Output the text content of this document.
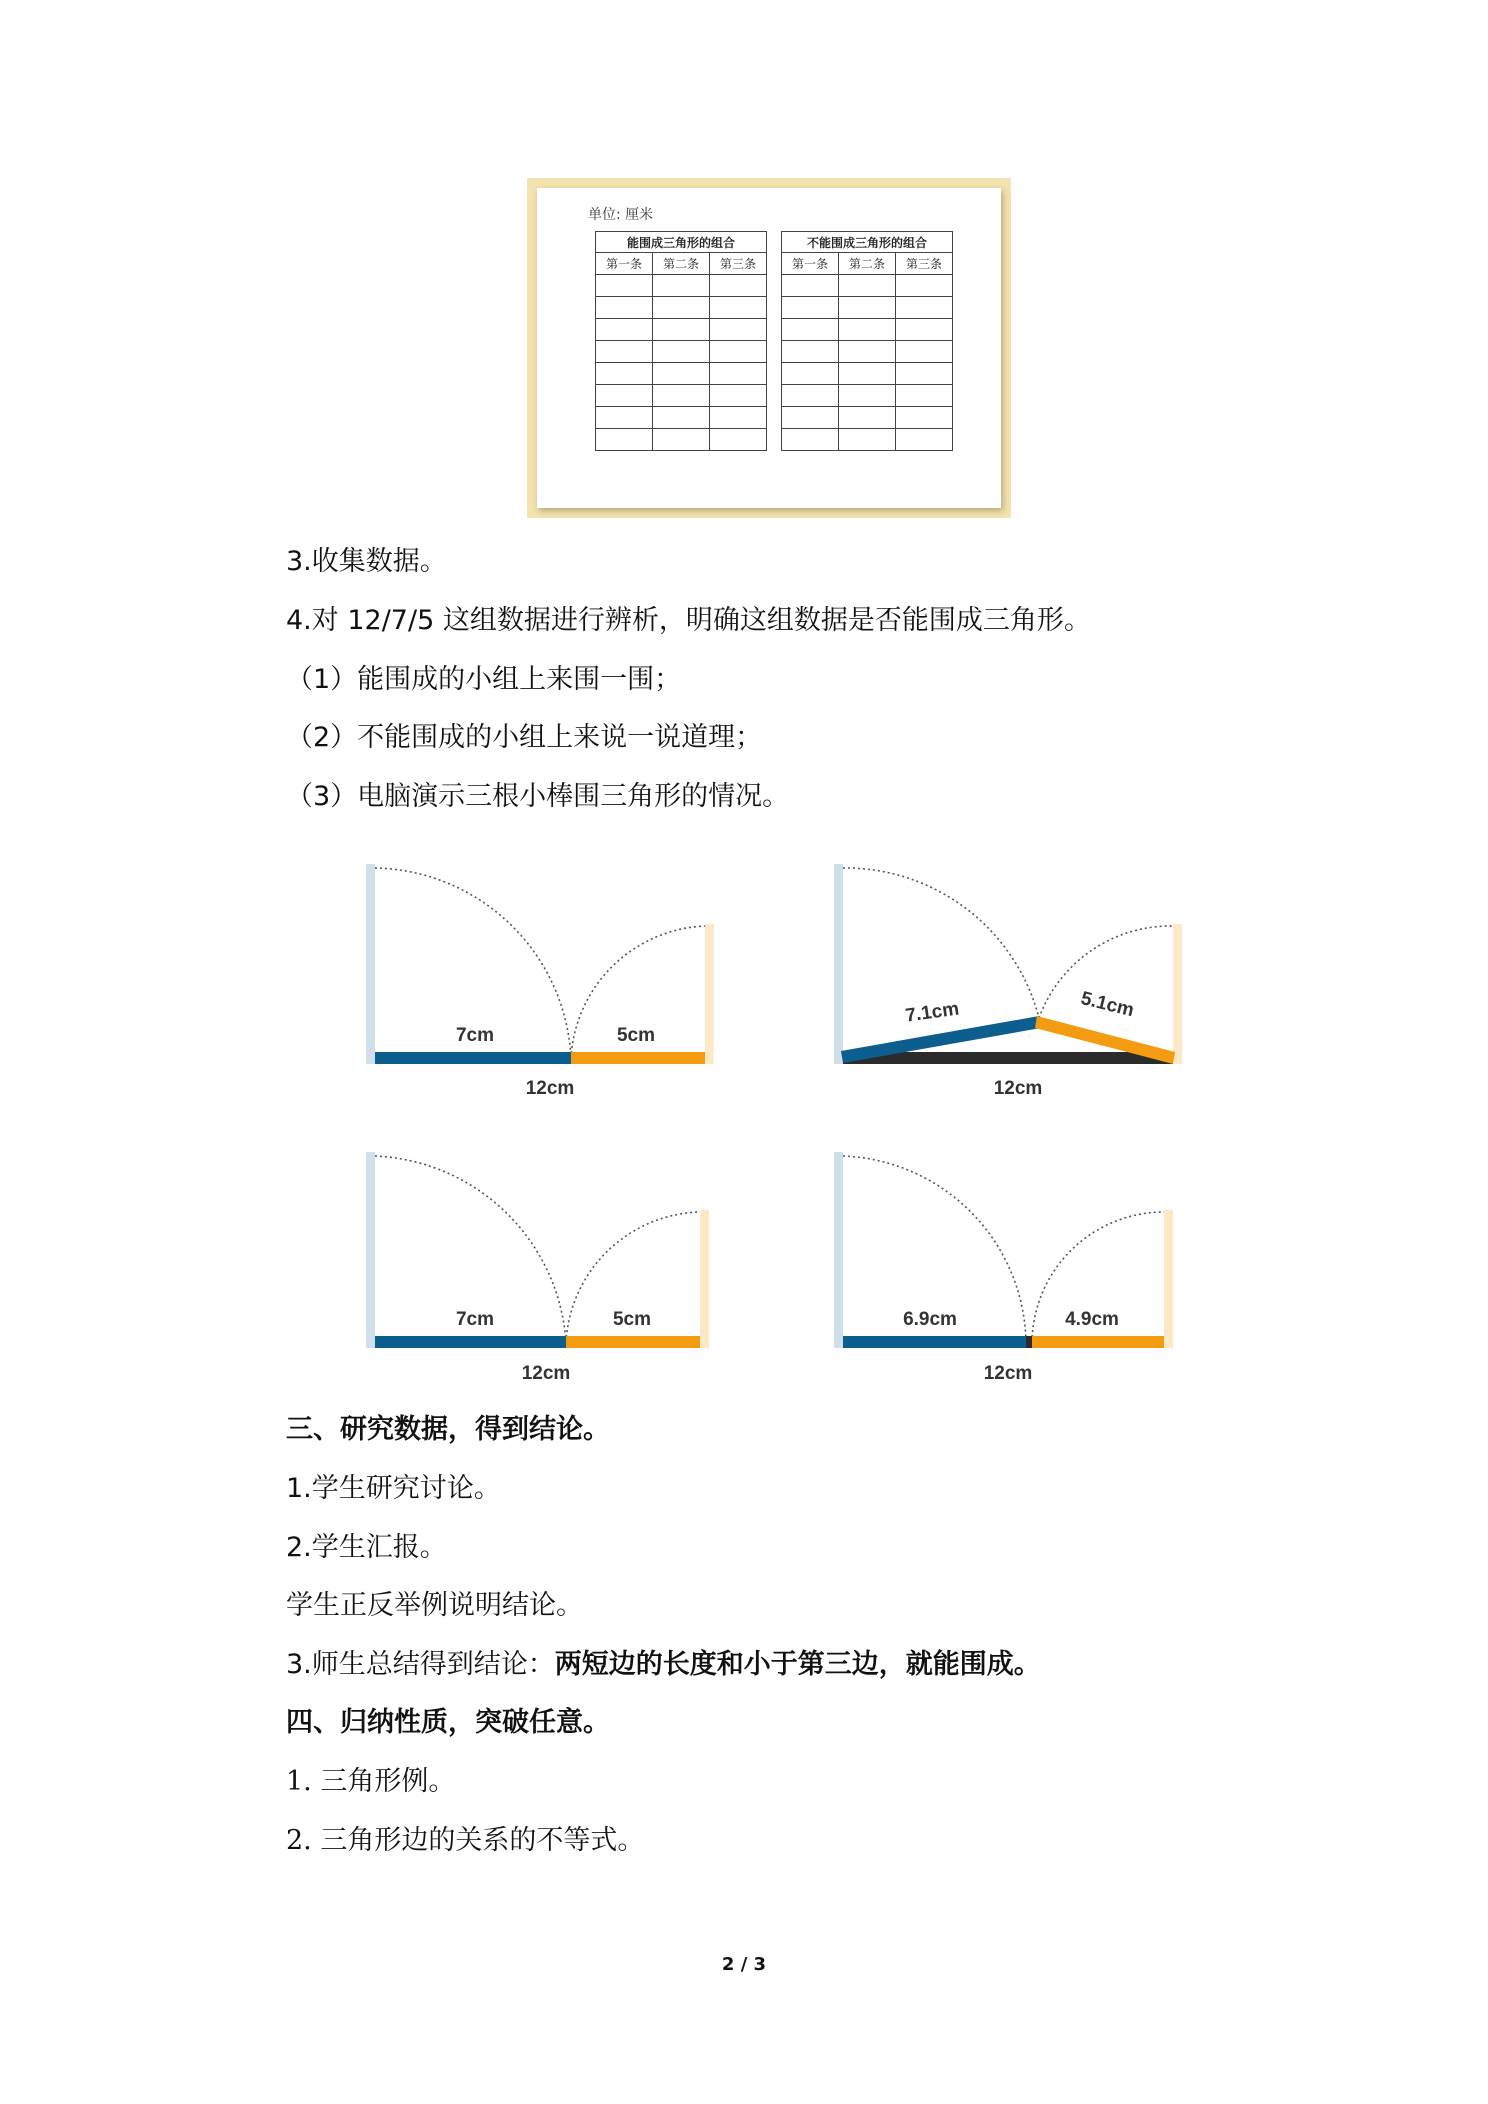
单位: 厘米
能围成三角形的组合		
第一条	第二条	第三条

不能围成三角形的组合		
第一条	第二条	第三条

3.收集数据。
4.对 12/7/5 这组数据进行辨析，明确这组数据是否能围成三角形。
（1）能围成的小组上来围一围；
（2）不能围成的小组上来说一说道理；
（3）电脑演示三根小棒围三角形的情况。
7cm	5cm
12cm
7.1cm	5.1cm
12cm
7cm	5cm
12cm
6.9cm	4.9cm
12cm
三、研究数据，得到结论。
1.学生研究讨论。
2.学生汇报。
学生正反举例说明结论。
3.师生总结得到结论：两短边的长度和小于第三边，就能围成。
四、归纳性质，突破任意。
1. 三角形例。
2. 三角形边的关系的不等式。
2 / 3
